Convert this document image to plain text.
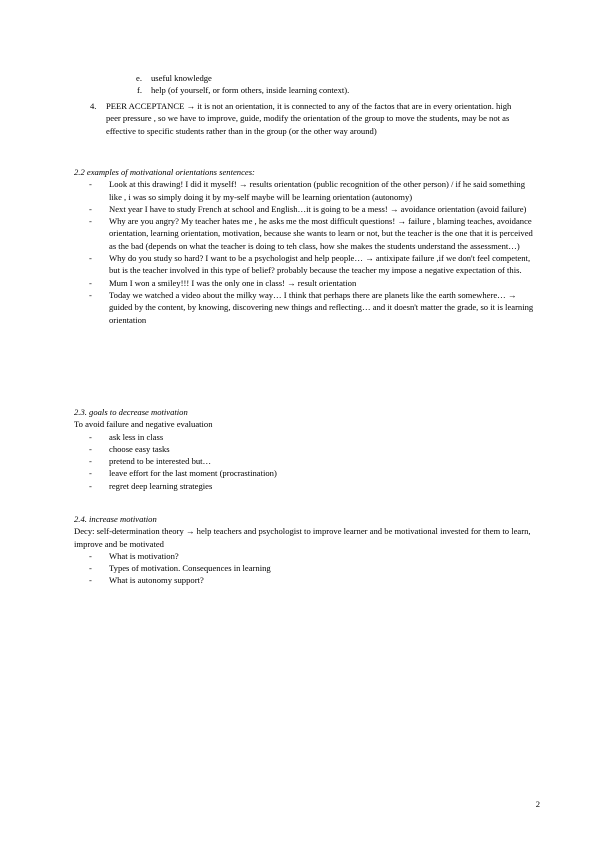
e.	useful knowledge
f.	help (of yourself, or form others, inside learning context).
4.	PEER ACCEPTANCE → it is not an orientation, it is connected to any of the factos that are in every orientation. high peer pressure , so we have to improve, guide, modify the orientation of the group to move the students, may be not as effective to specific students rather than in the group (or the other way around)
2.2 examples of motivational orientations sentences:
-	Look at this drawing! I did it myself! → results orientation (public recognition of the other person) / if he said something like , i was so simply doing it by my-self maybe will be learning orientation (autonomy)
-	Next year I have to study French at school and English…it is going to be a mess! → avoidance orientation (avoid failure)
-	Why are you angry? My teacher hates me , he asks me the most difficult questions! → failure , blaming teaches, avoidance orientation, learning orientation, motivation, because she wants to learn or not, but the teacher is the one that it is perceived as the bad (depends on what the teacher is doing to teh class, how she makes the students understand the assessment…)
-	Why do you study so hard? I want to be a psychologist and help people… → antixipate failure ,if we don't feel competent, but is the teacher involved in this type of belief? probably because the teacher my impose a negative expectation of this.
-	Mum I won a smiley!!! I was the only one in class! → result orientation
-	Today we watched a video about the milky way… I think that perhaps there are planets like the earth somewhere… → guided by the content, by knowing, discovering new things and reflecting… and it doesn't matter the grade, so it is learning orientation
2.3. goals to decrease motivation
To avoid failure and negative evaluation
-	ask less in class
-	choose easy tasks
-	pretend to be interested but…
-	leave effort for the last moment (procrastination)
-	regret deep learning strategies
2.4. increase motivation
Decy: self-determination theory → help teachers and psychologist to improve learner and be motivational invested for them to learn, improve and be motivated
-	What is motivation?
-	Types of motivation. Consequences in learning
-	What is autonomy support?
2
